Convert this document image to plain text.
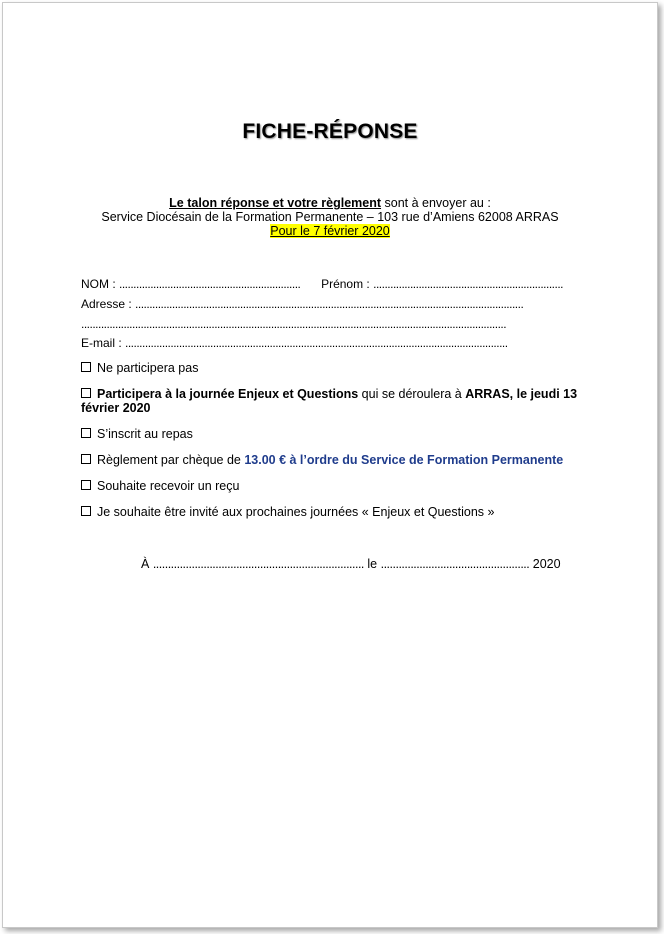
FICHE-RÉPONSE
Le talon réponse et votre règlement sont à envoyer au :
Service Diocésain de la Formation Permanente – 103 rue d’Amiens 62008 ARRAS
Pour le 7 février 2020
NOM : ................................................................ Prénom : ...................................................................
Adresse : .........................................................................................................................................
......................................................................................................................................................
E-mail : .......................................................................................................................................
Ne participera pas
Participera à la journée Enjeux et Questions qui se déroulera à ARRAS, le jeudi 13 février 2020
S’inscrit au repas
Règlement par chèque de 13.00 € à l’ordre du Service de Formation Permanente
Souhaite recevoir un reçu
Je souhaite être invité aux prochaines journées « Enjeux et Questions »
À ....................................................................... le .................................................. 2020
